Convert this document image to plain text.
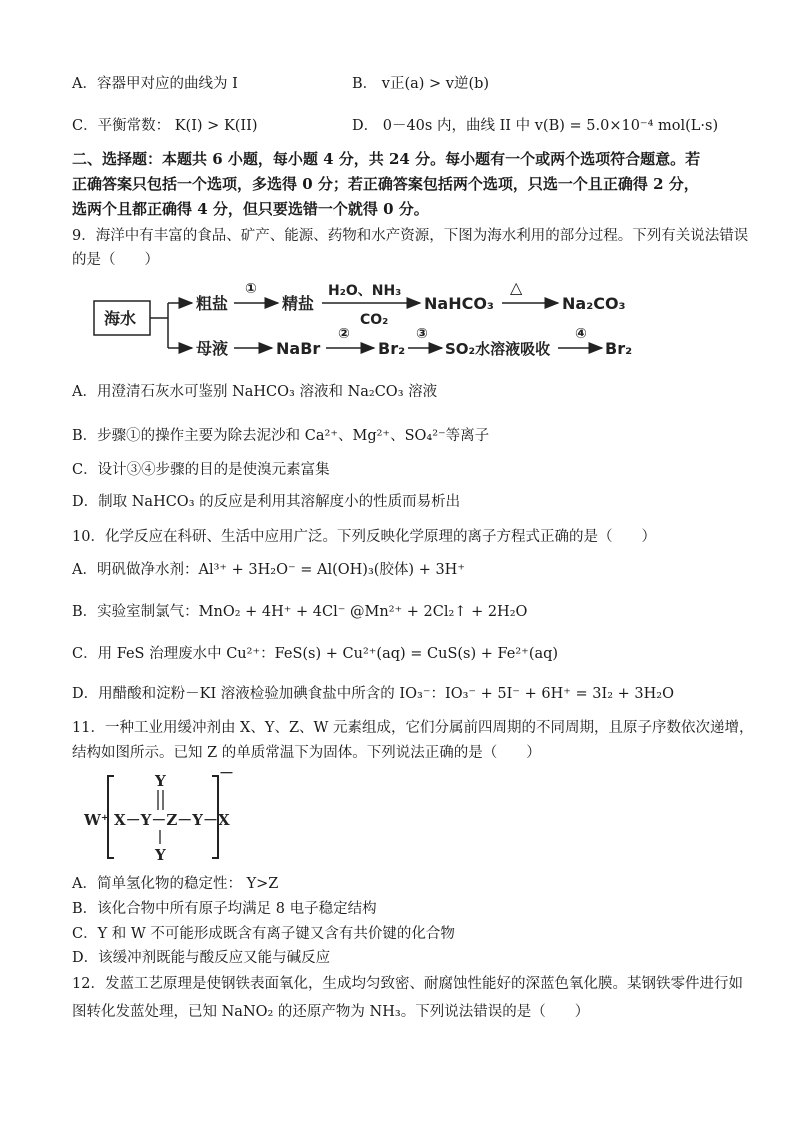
A．容器甲对应的曲线为 I	B． v正(a) > v逆(b)
C．平衡常数： K(I) > K(II)	D． 0－40s 内，曲线 II 中 v(B) = 5.0×10⁻⁴ mol(L·s)
二、选择题：本题共 6 小题，每小题 4 分，共 24 分。每小题有一个或两个选项符合题意。若
正确答案只包括一个选项，多选得 0 分；若正确答案包括两个选项，只选一个且正确得 2 分，
选两个且都正确得 4 分，但只要选错一个就得 0 分。
9．海洋中有丰富的食品、矿产、能源、药物和水产资源，下图为海水利用的部分过程。下列有关说法错误
的是（　　）
海水
粗盐
①
精盐
H₂O、NH₃
CO₂
NaHCO₃
△
Na₂CO₃
母液	NaBr
②
Br₂
③
SO₂水溶液吸收
④
Br₂
A．用澄清石灰水可鉴别 NaHCO₃ 溶液和 Na₂CO₃ 溶液
B．步骤①的操作主要为除去泥沙和 Ca²⁺、Mg²⁺、SO₄²⁻等离子
C．设计③④步骤的目的是使溴元素富集
D．制取 NaHCO₃ 的反应是利用其溶解度小的性质而易析出
10．化学反应在科研、生活中应用广泛。下列反映化学原理的离子方程式正确的是（　　）
A．明矾做净水剂：Al³⁺ + 3H₂O⁻ = Al(OH)₃(胶体) + 3H⁺
B．实验室制氯气：MnO₂ + 4H⁺ + 4Cl⁻ @Mn²⁺ + 2Cl₂↑ + 2H₂O
C．用 FeS 治理废水中 Cu²⁺：FeS(s) + Cu²⁺(aq) = CuS(s) + Fe²⁺(aq)
D．用醋酸和淀粉－KI 溶液检验加碘食盐中所含的 IO₃⁻：IO₃⁻ + 5I⁻ + 6H⁺ = 3I₂ + 3H₂O
11．一种工业用缓冲剂由 X、Y、Z、W 元素组成，它们分属前四周期的不同周期，且原子序数依次递增，
结构如图所示。已知 Z 的单质常温下为固体。下列说法正确的是（　　）
W⁺
－
Y
X－Y－Z－Y－X
Y
A．简单氢化物的稳定性： Y>Z
B．该化合物中所有原子均满足 8 电子稳定结构
C．Y 和 W 不可能形成既含有离子键又含有共价键的化合物
D．该缓冲剂既能与酸反应又能与碱反应
12．发蓝工艺原理是使钢铁表面氧化，生成均匀致密、耐腐蚀性能好的深蓝色氧化膜。某钢铁零件进行如
图转化发蓝处理，已知 NaNO₂ 的还原产物为 NH₃。下列说法错误的是（　　）
